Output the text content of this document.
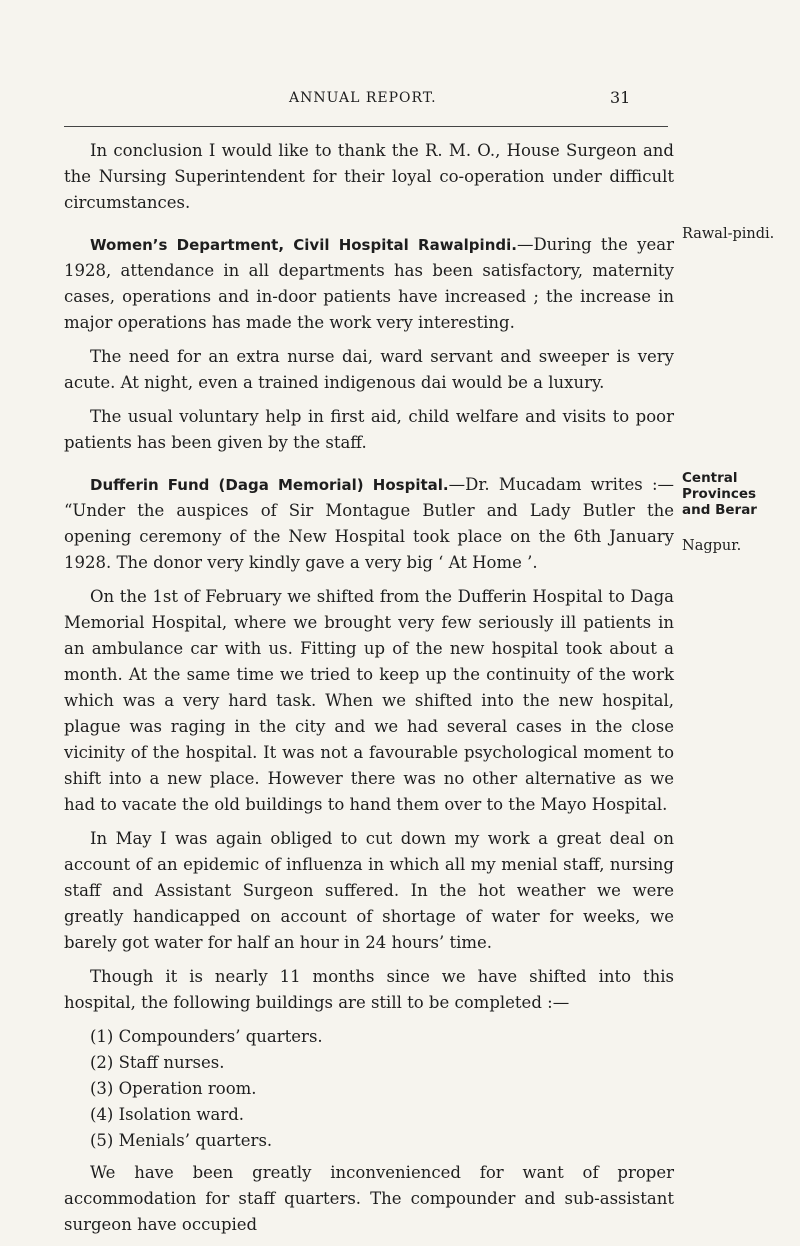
ANNUAL REPORT.	31

In conclusion I would like to thank the R. M. O., House Surgeon and the Nursing Superintendent for their loyal co-operation under difficult circumstances.

Women’s Department, Civil Hospital Rawalpindi.—During the year 1928, attendance in all departments has been satisfactory, maternity cases, operations and in-door patients have increased ; the increase in major operations has made the work very interesting.

The need for an extra nurse dai, ward servant and sweeper is very acute. At night, even a trained indigenous dai would be a luxury.

The usual voluntary help in first aid, child welfare and visits to poor patients has been given by the staff.

Dufferin Fund (Daga Memorial) Hospital.—Dr. Mucadam writes :— “Under the auspices of Sir Montague Butler and Lady Butler the opening ceremony of the New Hospital took place on the 6th January 1928. The donor very kindly gave a very big ‘ At Home ’.

On the 1st of February we shifted from the Dufferin Hospital to Daga Memorial Hospital, where we brought very few seriously ill patients in an ambulance car with us. Fitting up of the new hospital took about a month. At the same time we tried to keep up the continuity of the work which was a very hard task. When we shifted into the new hospital, plague was raging in the city and we had several cases in the close vicinity of the hospital. It was not a favourable psychological moment to shift into a new place. However there was no other alternative as we had to vacate the old buildings to hand them over to the Mayo Hospital.

In May I was again obliged to cut down my work a great deal on account of an epidemic of influenza in which all my menial staff, nursing staff and Assistant Surgeon suffered. In the hot weather we were greatly handicapped on account of shortage of water for weeks, we barely got water for half an hour in 24 hours’ time.

Though it is nearly 11 months since we have shifted into this hospital, the following buildings are still to be completed :—

(1) Compounders’ quarters.
(2) Staff nurses.
(3) Operation room.
(4) Isolation ward.
(5) Menials’ quarters.

We have been greatly inconvenienced for want of proper accommodation for staff quarters. The compounder and sub-assistant surgeon have occupied

Rawal-pindi.
Central Provinces and Berar
Nagpur.
